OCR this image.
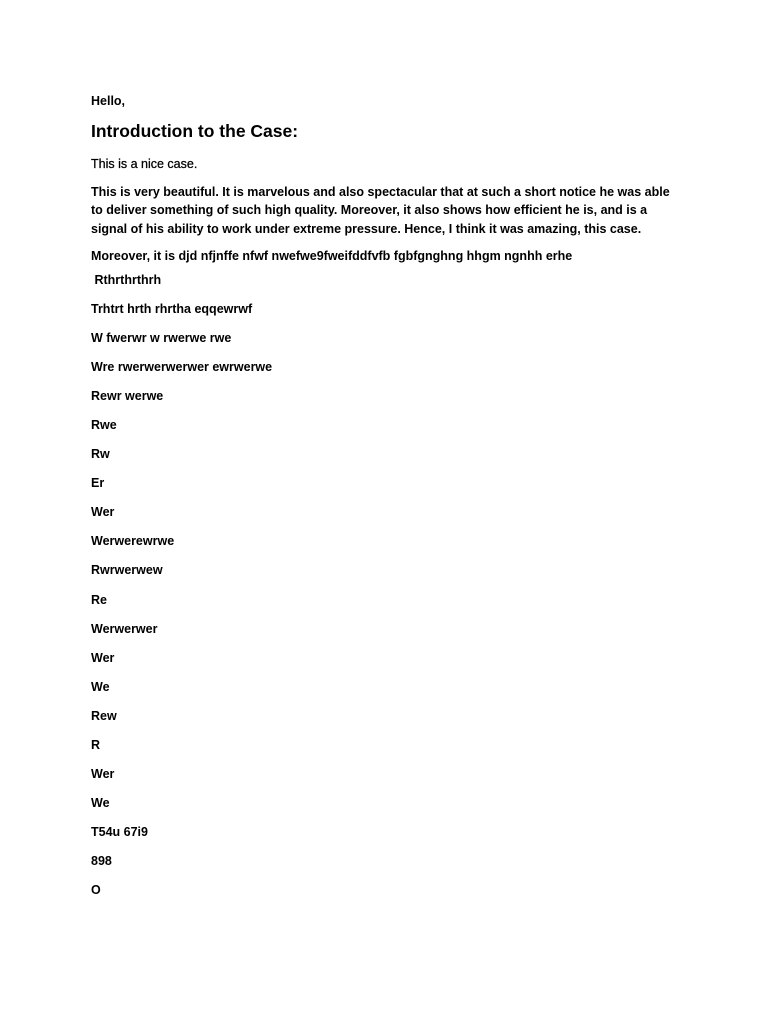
Hello,

Introduction to the Case:

This is a nice case.

This is very beautiful. It is marvelous and also spectacular that at such a short notice he was able to deliver something of such high quality. Moreover, it also shows how efficient he is, and is a signal of his ability to work under extreme pressure. Hence, I think it was amazing, this case.

Moreover, it is djd nfjnffe nfwf nwefwe9fweifddfvfb fgbfgnghng hhgm ngnhh erhe

Rthrthrthrh
Trhtrt hrth rhrtha eqqewrwf
W fwerwr w rwerwe rwe
Wre rwerwerwerwer ewrwerwe
Rewr werwe
Rwe
Rw
Er
Wer
Werwerewrwe
Rwrwerwew
Re
Werwerwer
Wer
We
Rew
R
Wer
We
T54u 67i9
898
O
